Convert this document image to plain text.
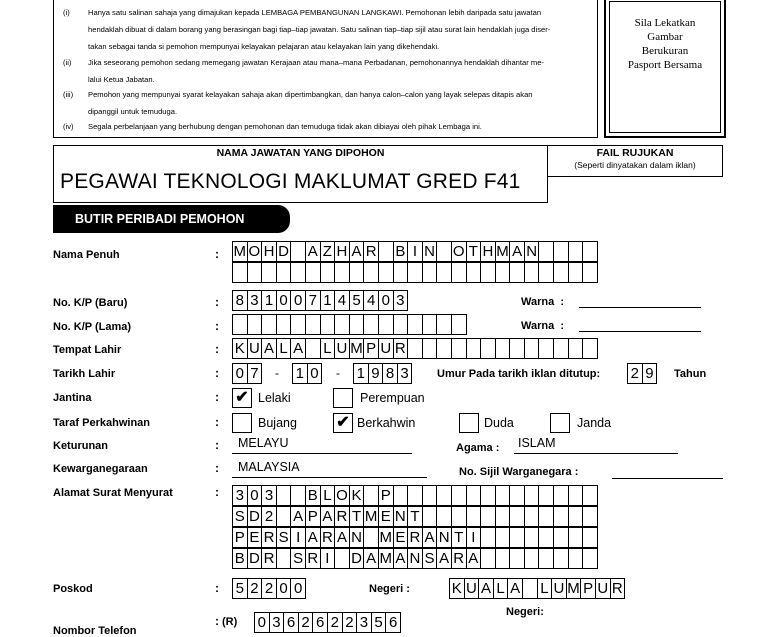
(i)	Hanya satu salinan sahaja yang dimajukan kepada LEMBAGA PEMBANGUNAN LANGKAWI. Pemohonan lebih daripada satu jawatan
hendaklah dibuat di dalam borang yang berasingan bagi tiap–tiap jawatan. Satu salinan tiap–tiap sijil atau surat lain hendaklah juga diser-
takan sebagai tanda si pemohon mempunyai kelayakan pelajaran atau kelayakan lain yang dikehendaki.
(ii)	Jika seseorang pemohon sedang memegang jawatan Kerajaan atau mana–mana Perbadanan, pemohonannya hendaklah dihantar me-
lalui Ketua Jabatan.
(iii)	Pemohon yang mempunyai syarat kelayakan sahaja akan dipertimbangkan, dan hanya calon–calon yang layak selepas ditapis akan
dipanggil untuk temuduga.
(iv)	Segala perbelanjaan yang berhubung dengan pemohonan dan temuduga tidak akan dibiayai oleh pihak Lembaga ini.
Sila Lekatkan
Gambar
Berukuran
Pasport Bersama
NAMA JAWATAN YANG DIPOHON
PEGAWAI TEKNOLOGI MAKLUMAT GRED F41
FAIL RUJUKAN
(Seperti dinyatakan dalam iklan)
BUTIR PERIBADI PEMOHON
Nama Penuh	: M O H D A Z H A R B I N O T H M A N
No. K/P (Baru)	: 8 3 1 0 0 7 1 4 5 4 0 3	Warna  :
No. K/P (Lama)	:	Warna  :
Tempat Lahir	: K U A L A L U M P U R
Tarikh Lahir	: 0 7	- 1 0	- 1 9 8 3	Umur Pada tarikh iklan ditutup: 2 9	Tahun
Jantina	: ✔ Lelaki	Perempuan
Taraf Perkahwinan	:	Bujang ✔ Berkahwin	Duda	Janda
Keturunan	: MELAYU	Agama : ISLAM
Kewarganegaraan	: MALAYSIA	No. Sijil Warganegara :
Alamat Surat Menyurat	: 3 0 3 B L O K P
S D 2 A P A R T M E N T
P E R S I A R A N M E R A N T I
B D R S R I	D A M A N S A R A
Poskod	: 5 2 2 0 0	Negeri :	K U A L A L U M P U R
Negeri:
Nombor Telefon
: (R) 0 3 6 2 6 2 2 3 5 6
